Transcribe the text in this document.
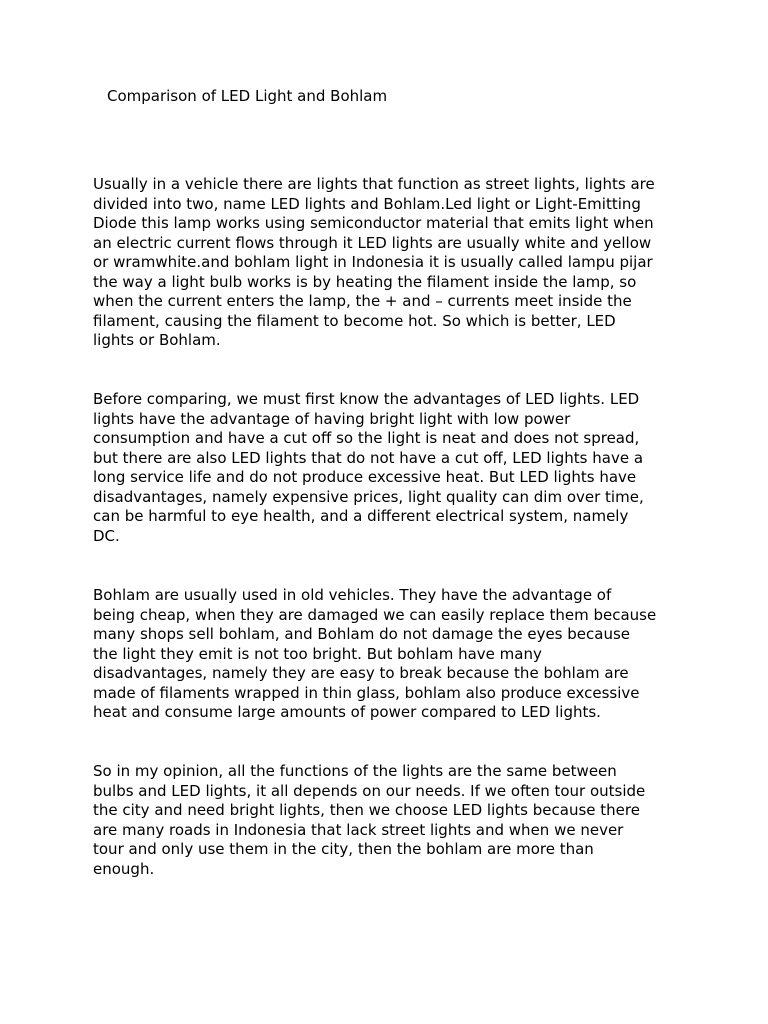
Comparison of LED Light and Bohlam

Usually in a vehicle there are lights that function as street lights, lights are
divided into two, name LED lights and Bohlam.Led light or Light-Emitting
Diode this lamp works using semiconductor material that emits light when
an electric current flows through it LED lights are usually white and yellow
or wramwhite.and bohlam light in Indonesia it is usually called lampu pijar
the way a light bulb works is by heating the filament inside the lamp, so
when the current enters the lamp, the + and – currents meet inside the
filament, causing the filament to become hot. So which is better, LED
lights or Bohlam.

Before comparing, we must first know the advantages of LED lights. LED
lights have the advantage of having bright light with low power
consumption and have a cut off so the light is neat and does not spread,
but there are also LED lights that do not have a cut off, LED lights have a
long service life and do not produce excessive heat. But LED lights have
disadvantages, namely expensive prices, light quality can dim over time,
can be harmful to eye health, and a different electrical system, namely
DC.

Bohlam are usually used in old vehicles. They have the advantage of
being cheap, when they are damaged we can easily replace them because
many shops sell bohlam, and Bohlam do not damage the eyes because
the light they emit is not too bright. But bohlam have many
disadvantages, namely they are easy to break because the bohlam are
made of filaments wrapped in thin glass, bohlam also produce excessive
heat and consume large amounts of power compared to LED lights.

So in my opinion, all the functions of the lights are the same between
bulbs and LED lights, it all depends on our needs. If we often tour outside
the city and need bright lights, then we choose LED lights because there
are many roads in Indonesia that lack street lights and when we never
tour and only use them in the city, then the bohlam are more than
enough.
